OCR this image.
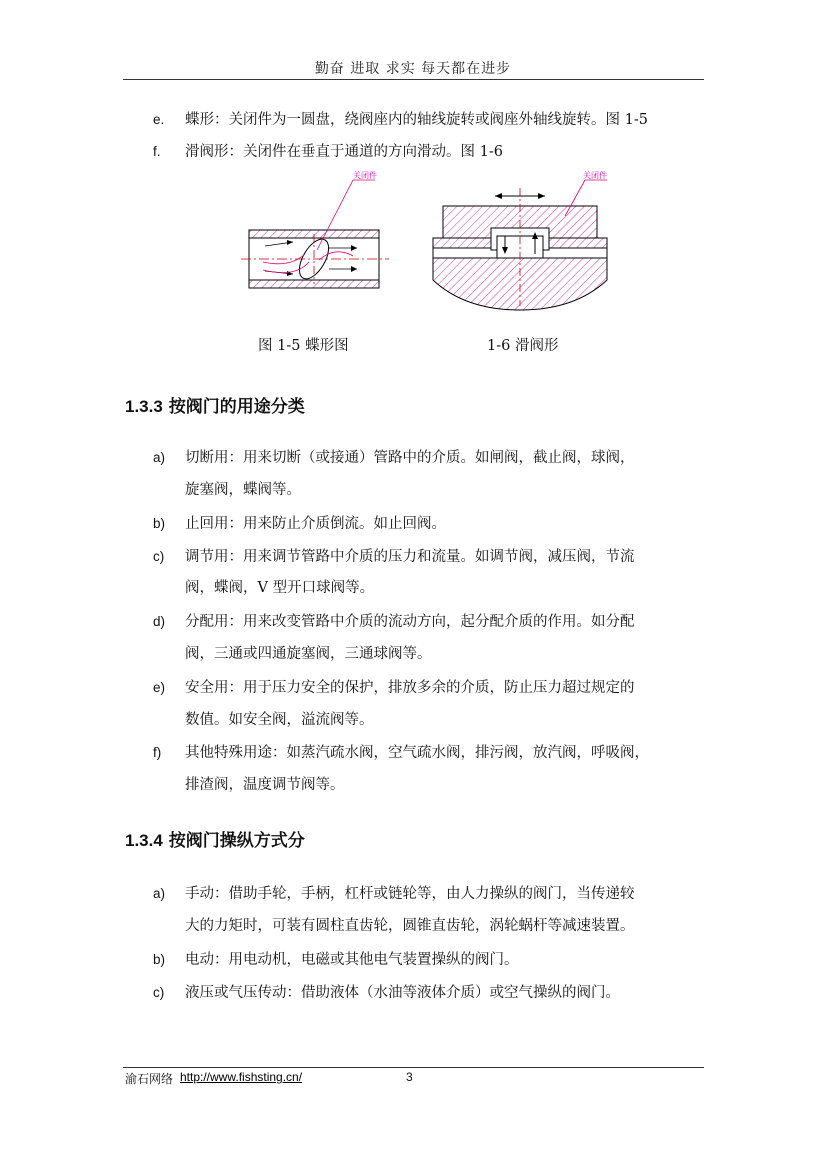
勤奋 进取 求实 每天都在进步
e. 蝶形：关闭件为一圆盘，绕阀座内的轴线旋转或阀座外轴线旋转。图 1-5
f. 滑阀形：关闭件在垂直于通道的方向滑动。图 1-6
关闭件	关闭件
图 1-5 蝶形图	1-6 滑阀形
1.3.3 按阀门的用途分类
a) 切断用：用来切断（或接通）管路中的介质。如闸阀，截止阀，球阀，
旋塞阀，蝶阀等。
b) 止回用：用来防止介质倒流。如止回阀。
c) 调节用：用来调节管路中介质的压力和流量。如调节阀，减压阀，节流
阀，蝶阀，V 型开口球阀等。
d) 分配用：用来改变管路中介质的流动方向，起分配介质的作用。如分配
阀，三通或四通旋塞阀，三通球阀等。
e) 安全用：用于压力安全的保护，排放多余的介质，防止压力超过规定的
数值。如安全阀，溢流阀等。
f) 其他特殊用途：如蒸汽疏水阀，空气疏水阀，排污阀，放汽阀，呼吸阀，
排渣阀，温度调节阀等。
1.3.4 按阀门操纵方式分
a) 手动：借助手轮，手柄，杠杆或链轮等，由人力操纵的阀门，当传递较
大的力矩时，可装有圆柱直齿轮，圆锥直齿轮，涡轮蜗杆等减速装置。
b) 电动：用电动机，电磁或其他电气装置操纵的阀门。
c) 液压或气压传动：借助液体（水油等液体介质）或空气操纵的阀门。
渝石网络 http://www.fishsting.cn/	3
